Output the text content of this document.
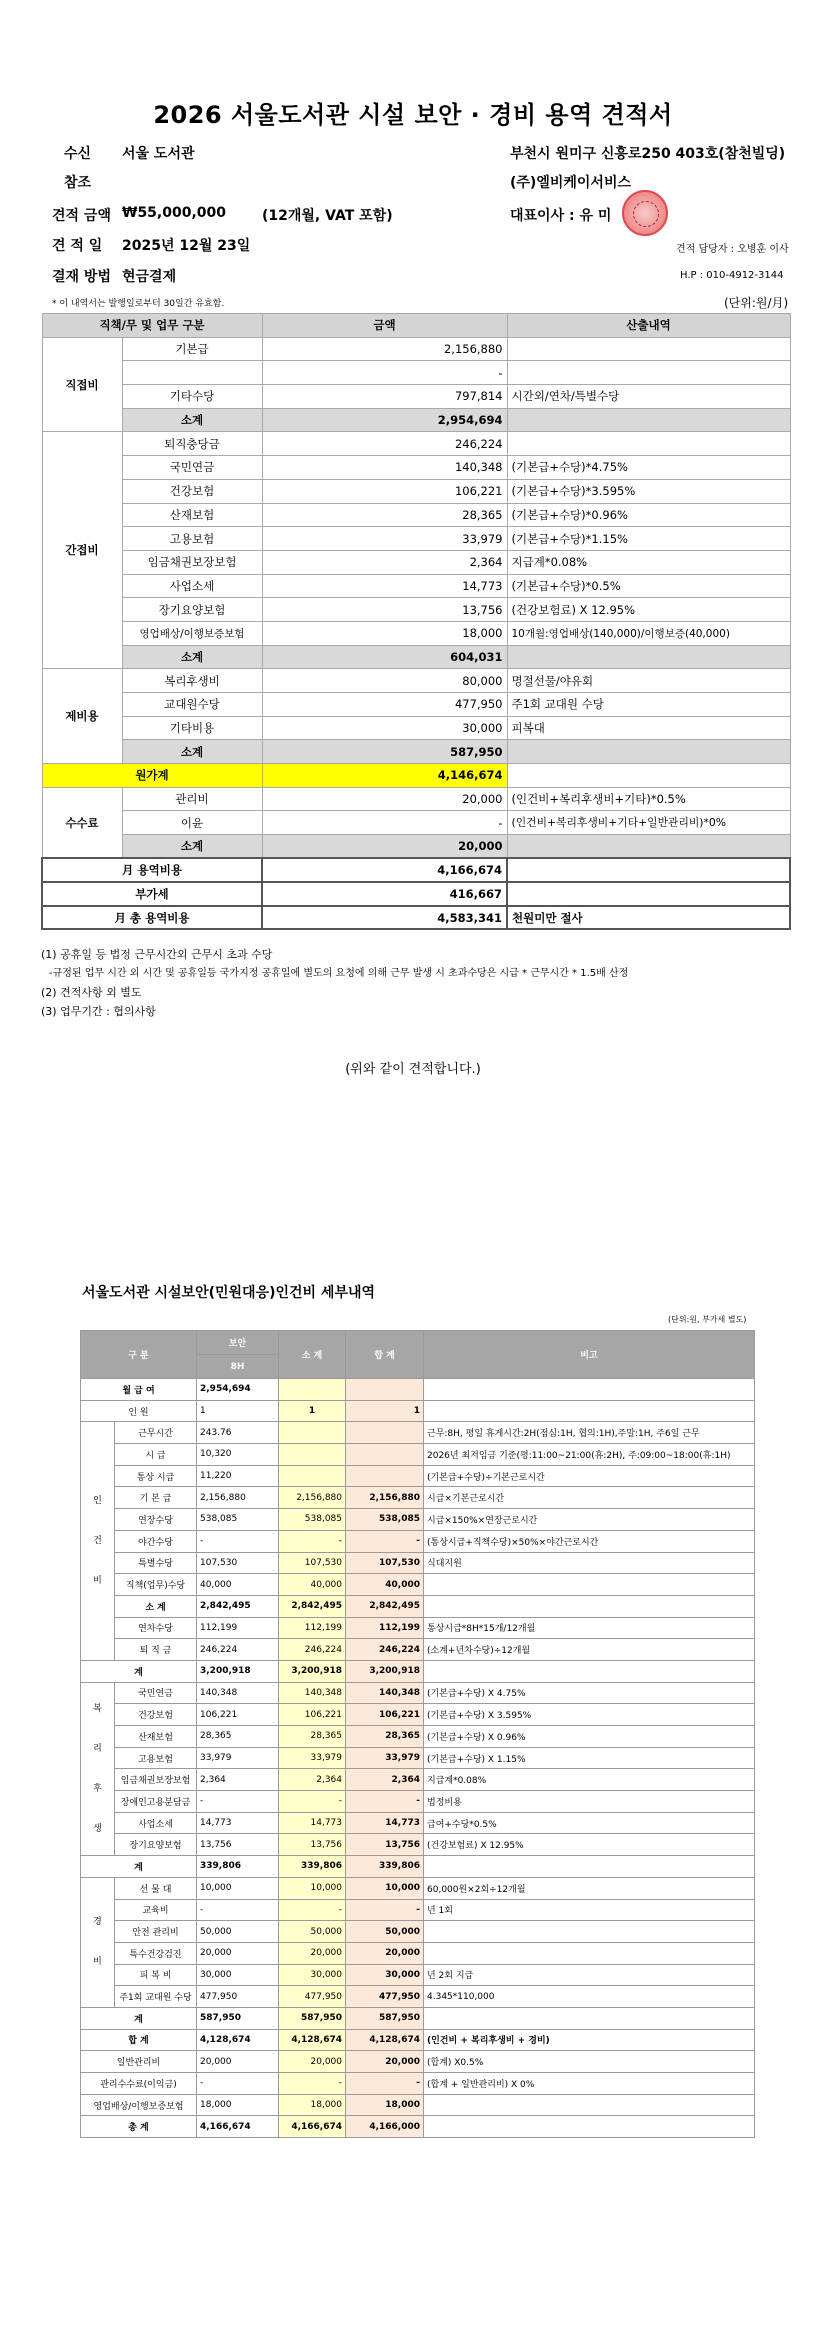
2026 서울도서관 시설 보안 · 경비 용역 견적서
수신 서울 도서관
참조
견적 금액 ₩55,000,000	(12개월, VAT 포함)
견 적 일 2025년 12월 23일
결재 방법 현금결제
부천시 원미구 신흥로250 403호(참천빌딩)
(주)엘비케이서비스
대표이사 : 유 미
견적 담당자 : 오병훈 이사
H.P : 010-4912-3144
* 이 내역서는 발행일로부터 30일간 유효함.	(단위:원/月)
직책/무 및 업무 구분		금액	산출내역
직접비	기본급	2,156,880	
		-	
	기타수당	797,814	시간외/연차/특별수당
	소계	2,954,694	
간접비	퇴직충당금	246,224	
	국민연금	140,348	(기본급+수당)*4.75%
	건강보험	106,221	(기본급+수당)*3.595%
	산재보험	28,365	(기본급+수당)*0.96%
	고용보험	33,979	(기본급+수당)*1.15%
	임금채권보장보험	2,364	지급계*0.08%
	사업소세	14,773	(기본급+수당)*0.5%
	장기요양보험	13,756	(건강보험료) X 12.95%
	영업배상/이행보증보험	18,000	10개월:영업배상(140,000)/이행보증(40,000)
	소계	604,031	
제비용	복리후생비	80,000	명절선물/야유회
	교대원수당	477,950	주1회 교대원 수당
	기타비용	30,000	피복대
	소계	587,950	
원가계		4,146,674	
수수료	관리비	20,000	(인건비+복리후생비+기타)*0.5%
	이윤	-	(인건비+복리후생비+기타+일반관리비)*0%
	소계	20,000	
月 용역비용		4,166,674	
부가세		416,667	
月 총 용역비용		4,583,341	천원미만 절사
(1) 공휴일 등 법정 근무시간외 근무시 초과 수당
-규정된 업무 시간 외 시간 및 공휴일등 국가지정 공휴일에 별도의 요청에 의해 근무 발생 시 초과수당은 시급 * 근무시간 * 1.5배 산정
(2) 견적사항 외 별도
(3) 업무기간 : 협의사항
(위와 같이 견적합니다.)
서울도서관 시설보안(민원대응)인건비 세부내역
(단위:원, 부가세 별도)
구 분		보안	소 계	합 계	비고
		8H			
월 급 여		2,954,694			
인 원		1	1	1	
인

건

비	근무시간	243.76			근무:8H, 평일 휴게시간:2H(점심:1H, 협의:1H),주말:1H, 주6일 근무
	시 급	10,320			2026년 최저임금 기준(평:11:00~21:00(휴:2H), 주:09:00~18:00(휴:1H)
	통상 시급	11,220			(기본급+수당)÷기본근로시간
	기 본 급	2,156,880	2,156,880	2,156,880	시급×기본근로시간
	연장수당	538,085	538,085	538,085	시급×150%×연장근로시간
	야간수당	-	-	-	(통상시급+직책수당)×50%×야간근로시간
	특별수당	107,530	107,530	107,530	식대지원
	직책(업무)수당	40,000	40,000	40,000	
	소 계	2,842,495	2,842,495	2,842,495	
	연차수당	112,199	112,199	112,199	통상시급*8H*15개/12개월
	퇴 직 금	246,224	246,224	246,224	(소계+년차수당)÷12개월
계		3,200,918	3,200,918	3,200,918	
복

리

후

생	국민연금	140,348	140,348	140,348	(기본급+수당) X 4.75%
	건강보험	106,221	106,221	106,221	(기본급+수당) X 3.595%
	산재보험	28,365	28,365	28,365	(기본급+수당) X 0.96%
	고용보험	33,979	33,979	33,979	(기본급+수당) X 1.15%
	임금채권보장보험	2,364	2,364	2,364	지급계*0.08%
	장애인고용분담금	-	-	-	법정비용
	사업소세	14,773	14,773	14,773	급여+수당*0.5%
	장기요양보험	13,756	13,756	13,756	(건강보험료) X 12.95%
계		339,806	339,806	339,806	
경

비	선 물 대	10,000	10,000	10,000	60,000원×2회÷12개월
	교육비	-	-	-	년 1회
	안전 관리비	50,000	50,000	50,000	
	특수건강검진	20,000	20,000	20,000	
	피 복 비	30,000	30,000	30,000	년 2회 지급
	주1회 교대원 수당	477,950	477,950	477,950	4.345*110,000
계		587,950	587,950	587,950	
합 계		4,128,674	4,128,674	4,128,674	(인건비 + 복리후생비 + 경비)
일반관리비		20,000	20,000	20,000	(합계) X0.5%
관리수수료(이익금)		-	-	-	(합계 + 일반관리비) X 0%
영업배상/이행보증보험		18,000	18,000	18,000	
총 계		4,166,674	4,166,674	4,166,000	
